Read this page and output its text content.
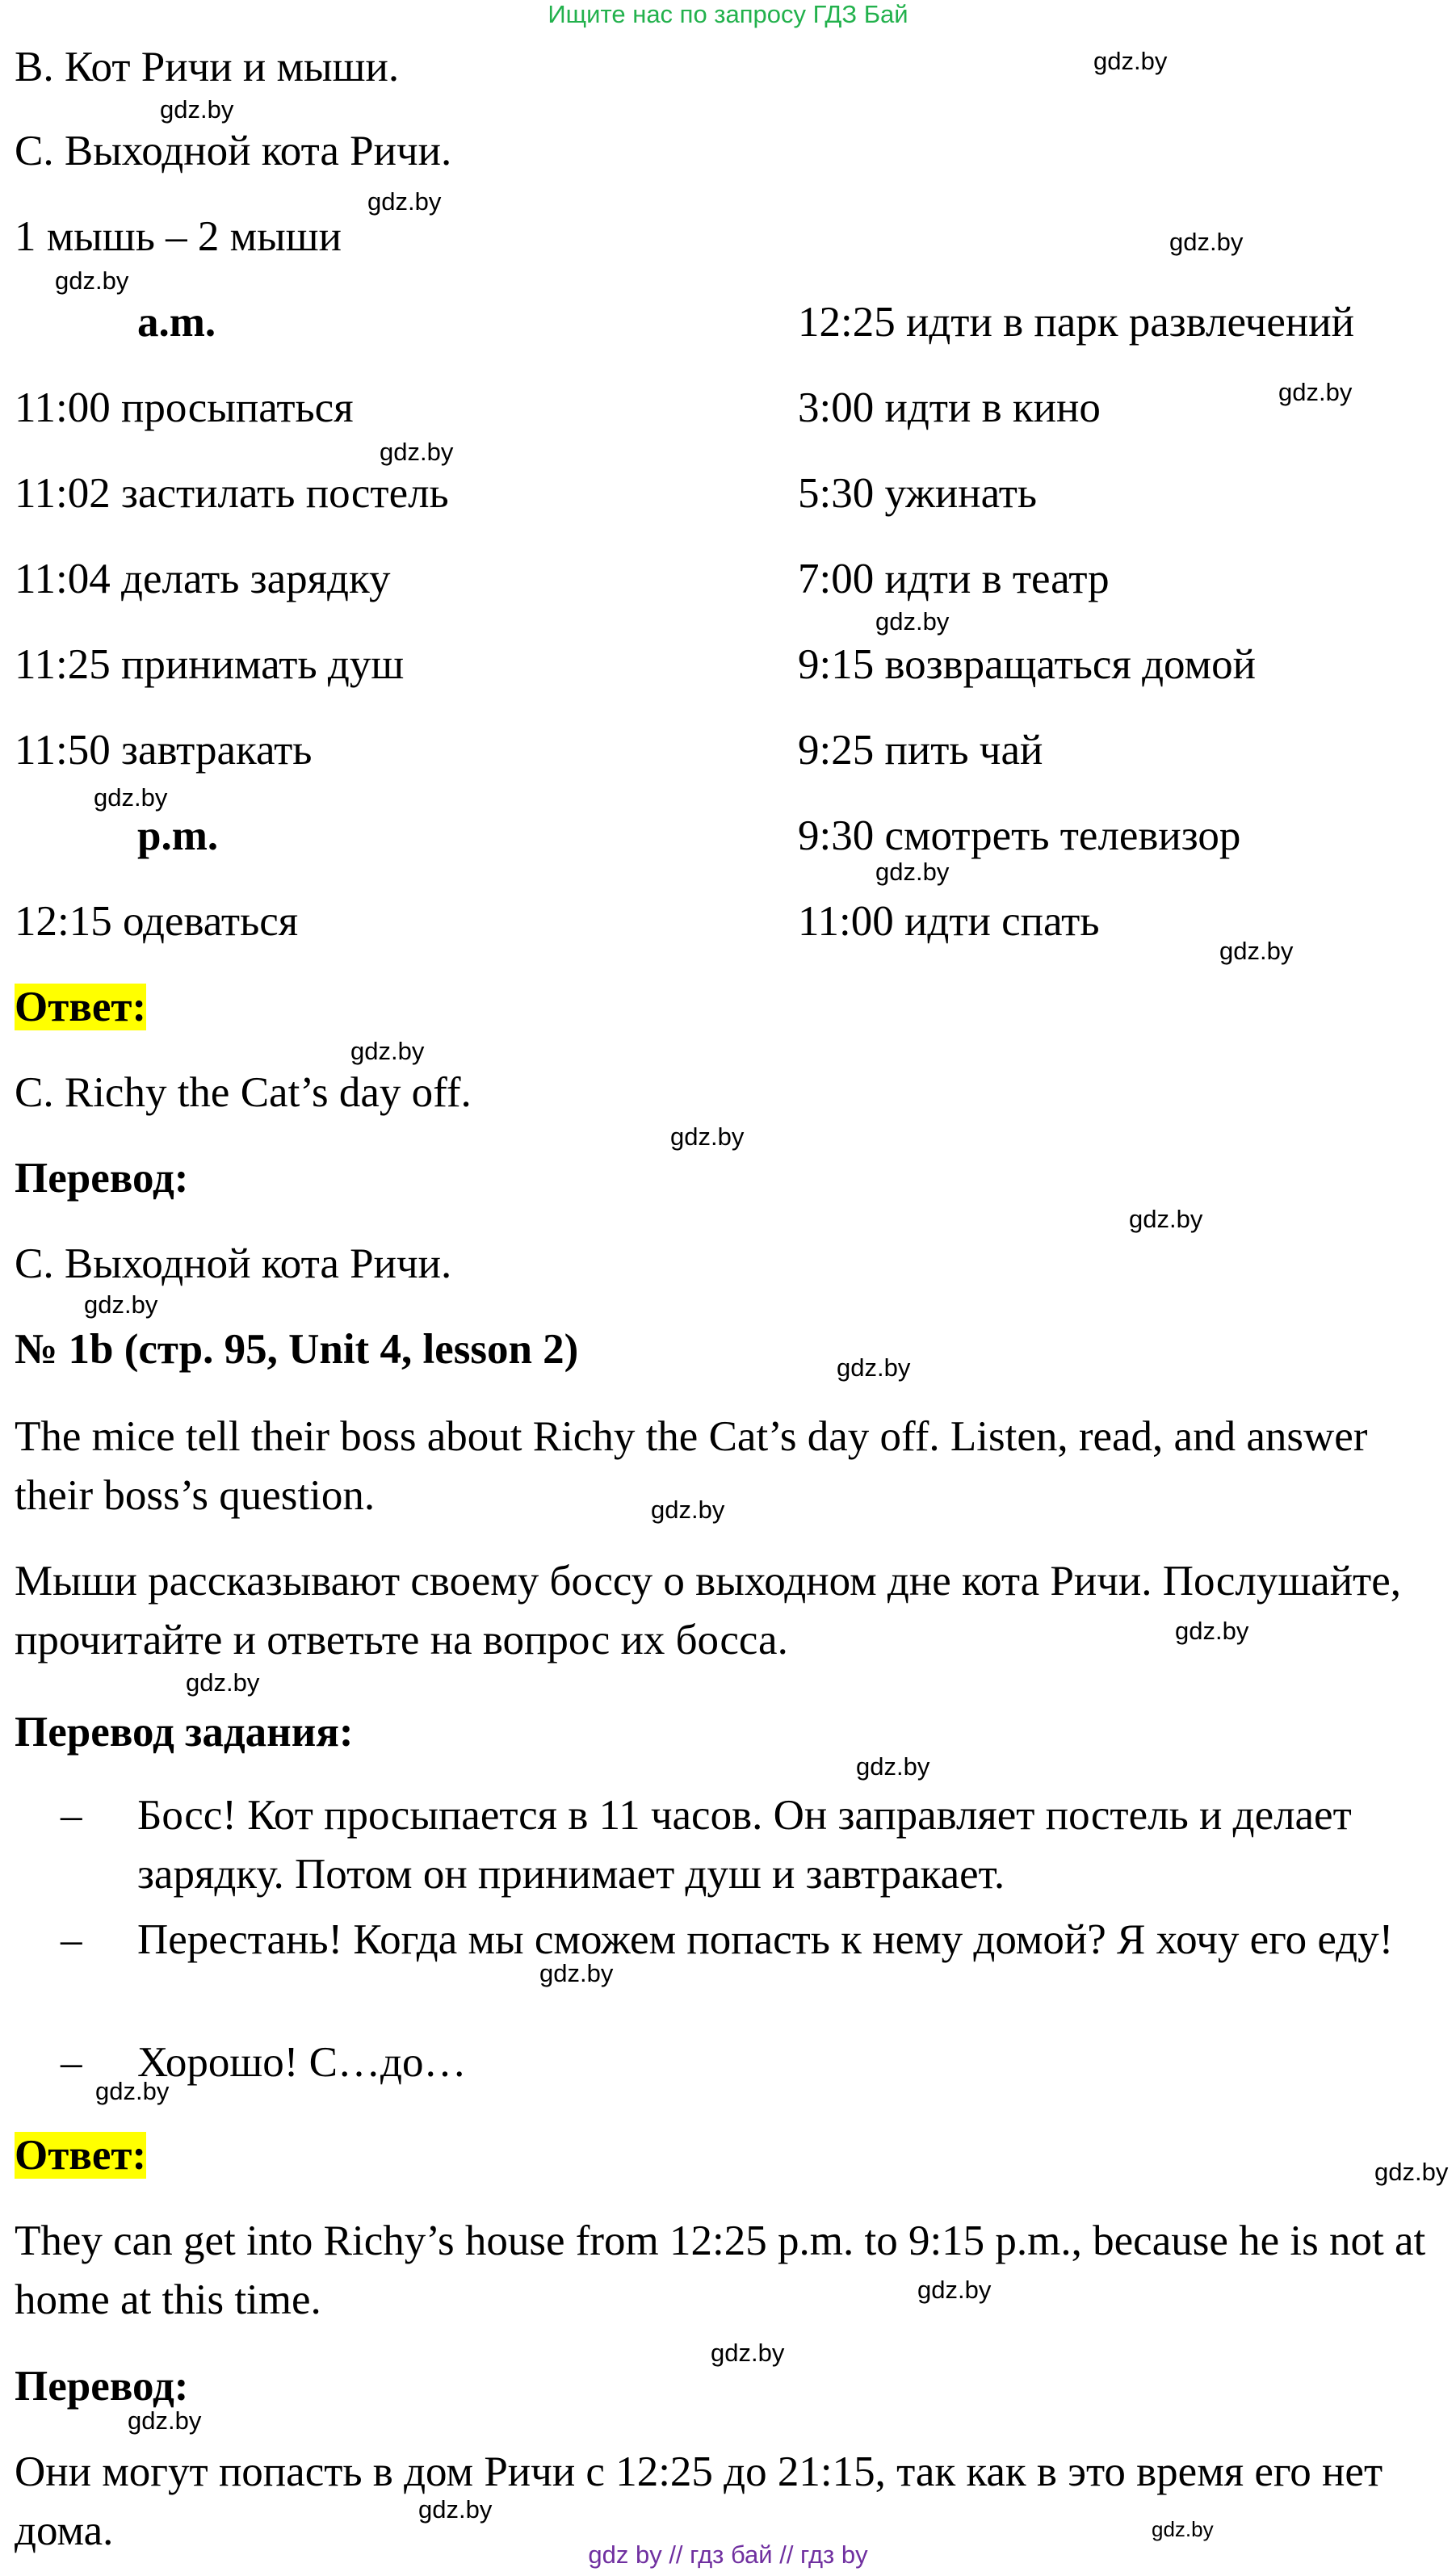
Ищите нас по запросу ГДЗ Бай
B. Кот Ричи и мыши.
C. Выходной кота Ричи.
1 мышь – 2 мыши
a.m.
11:00 просыпаться
11:02 застилать постель
11:04 делать зарядку
11:25 принимать душ
11:50 завтракать
p.m.
12:15 одеваться
12:25 идти в парк развлечений
3:00 идти в кино
5:30 ужинать
7:00 идти в театр
9:15 возвращаться домой
9:25 пить чай
9:30 смотреть телевизор
11:00 идти спать
Ответ:
C. Richy the Cat’s day off.
Перевод:
C. Выходной кота Ричи.
№ 1b (стр. 95, Unit 4, lesson 2)
The mice tell their boss about Richy the Cat’s day off. Listen, read, and answer their boss’s question.
Мыши рассказывают своему боссу о выходном дне кота Ричи. Послушайте, прочитайте и ответьте на вопрос их босса.
Перевод задания:
– Босс! Кот просыпается в 11 часов. Он заправляет постель и делает зарядку. Потом он принимает душ и завтракает.
– Перестань! Когда мы сможем попасть к нему домой? Я хочу его еду!
– Хорошо! С…до…
Ответ:
They can get into Richy’s house from 12:25 p.m. to 9:15 p.m., because he is not at home at this time.
Перевод:
Они могут попасть в дом Ричи с 12:25 до 21:15, так как в это время его нет дома.
gdz.by
gdz.by
gdz.by
gdz.by
gdz.by
gdz.by
gdz.by
gdz.by
gdz.by
gdz.by
gdz.by
gdz.by
gdz.by
gdz.by
gdz.by
gdz.by
gdz.by
gdz.by
gdz.by
gdz.by
gdz.by
gdz.by
gdz.by
gdz.by
gdz.by
gdz.by
gdz.by
gdz.by
gdz by // гдз бай // гдз by
